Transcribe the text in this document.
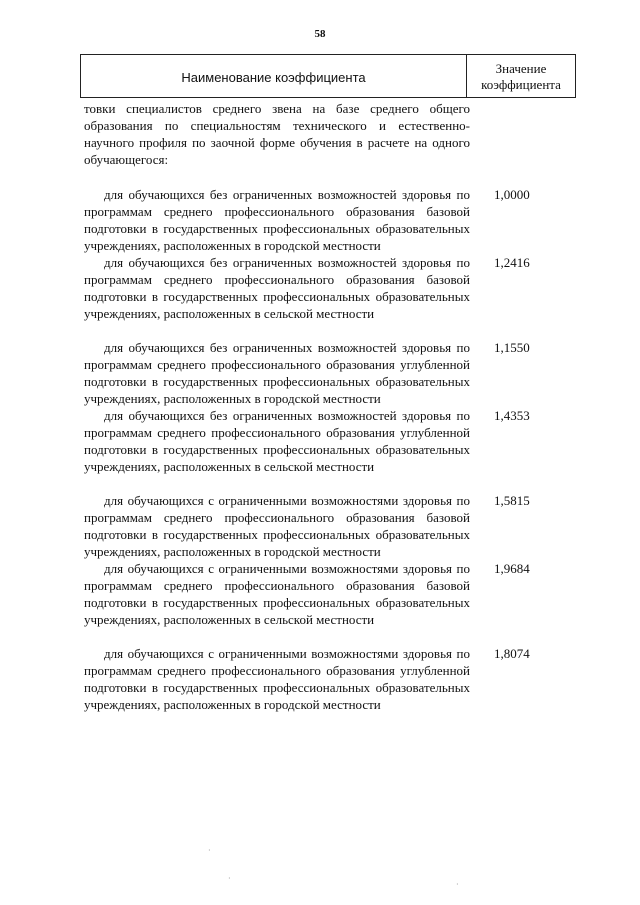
58
Наименование коэффициента
Значение
коэффициента
товки специалистов среднего звена на базе среднего общего образования по специальностям технического и естественно-научного профиля по заочной форме обучения в расчете на одного обучающегося:
для обучающихся без ограниченных возможностей здоровья по программам среднего профессионального образования базовой подготовки в государственных профессиональных образовательных учреждениях, расположенных в городской местности
1,0000
для обучающихся без ограниченных возможностей здоровья по программам среднего профессионального образования базовой подготовки в государственных профессиональных образовательных учреждениях, расположенных в сельской местности
1,2416
для обучающихся без ограниченных возможностей здоровья по программам среднего профессионального образования углубленной подготовки в государственных профессиональных образовательных учреждениях, расположенных в городской местности
1,1550
для обучающихся без ограниченных возможностей здоровья по программам среднего профессионального образования углубленной подготовки в государственных профессиональных образовательных учреждениях, расположенных в сельской местности
1,4353
для обучающихся с ограниченными возможностями здоровья по программам среднего профессионального образования базовой подготовки в государственных профессиональных образовательных учреждениях, расположенных в городской местности
1,5815
для обучающихся с ограниченными возможностями здоровья по программам среднего профессионального образования базовой подготовки в государственных профессиональных образовательных учреждениях, расположенных в сельской местности
1,9684
для обучающихся с ограниченными возможностями здоровья по программам среднего профессионального образования углубленной подготовки в государственных профессиональных образовательных учреждениях, расположенных в городской местности
1,8074
·
·
·
